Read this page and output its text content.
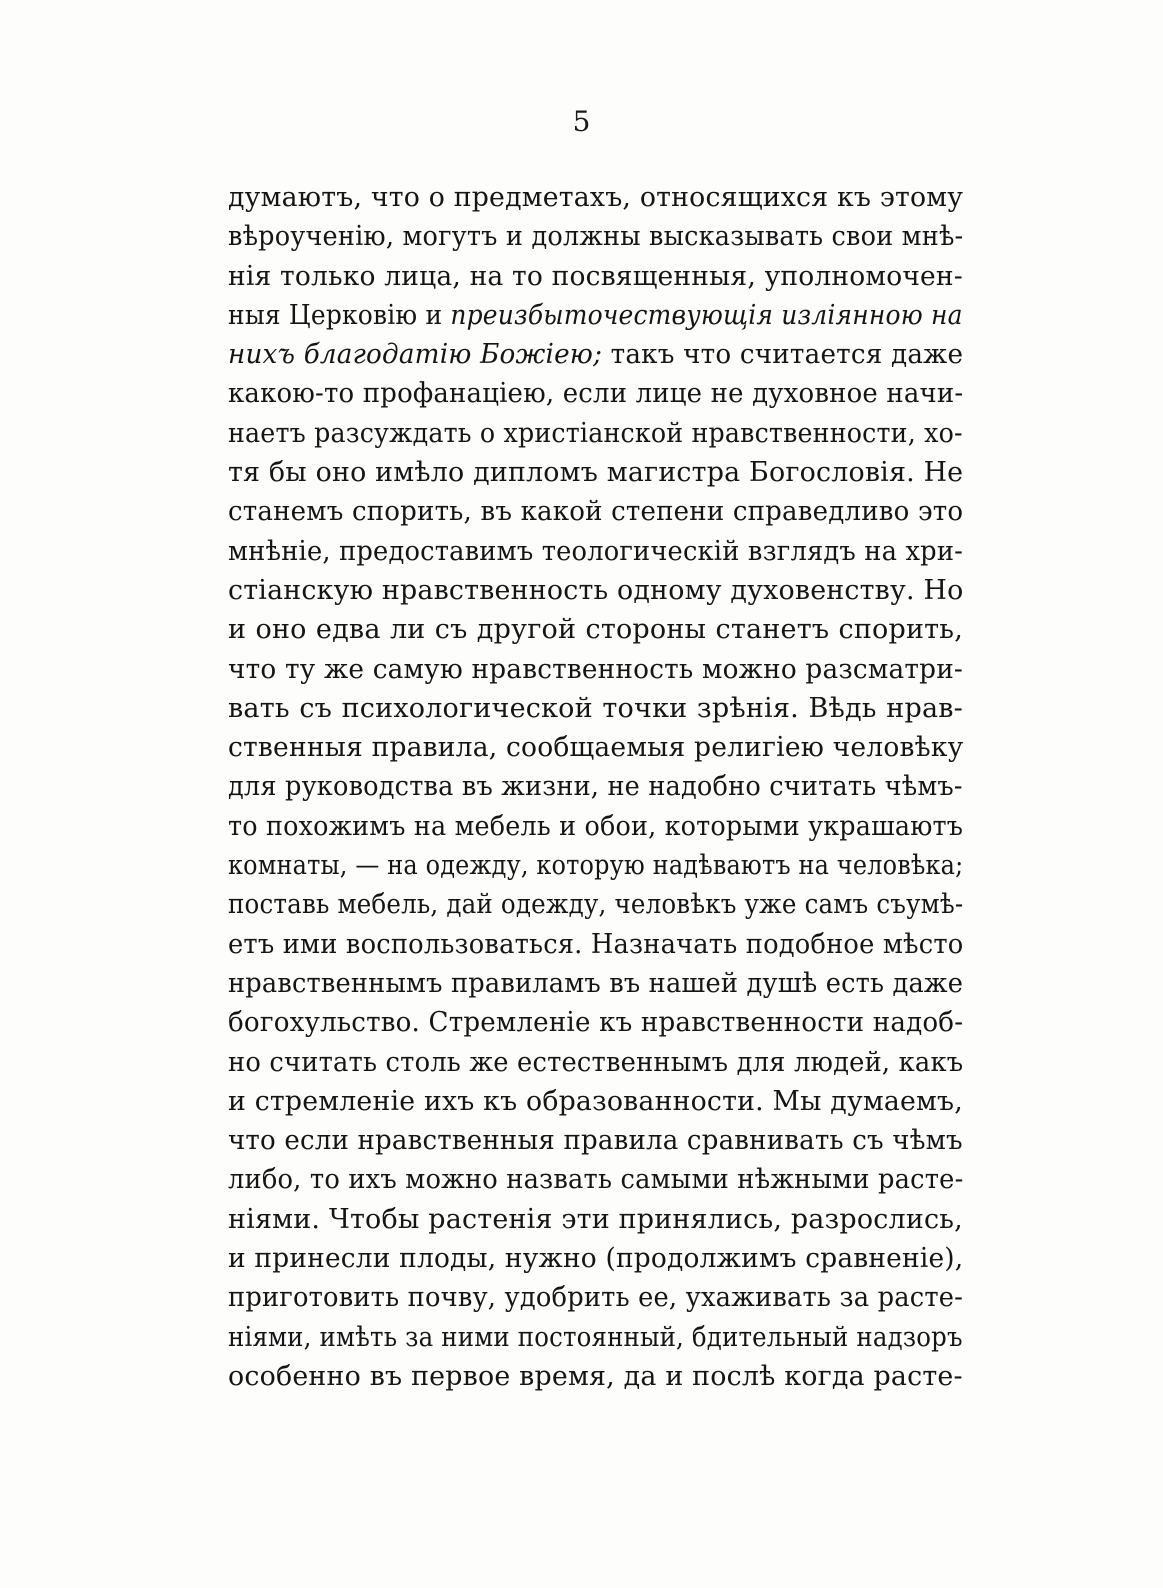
5
думаютъ, что о предметахъ, относящихся къ этому
вѣроученію, могутъ и должны высказывать свои мнѣ-
нія только лица, на то посвященныя, уполномочен-
ныя Церковію и преизбыточествующія изліянною на
нихъ благодатію Божіею; такъ что считается даже
какою-то профанаціею, если лице не духовное начи-
наетъ разсуждать о христіанской нравственности, хо-
тя бы оно имѣло дипломъ магистра Богословія. Не
станемъ спорить, въ какой степени справедливо это
мнѣніе, предоставимъ теологическій взглядъ на хри-
стіанскую нравственность одному духовенству. Но
и оно едва ли съ другой стороны станетъ спорить,
что ту же самую нравственность можно разсматри-
вать съ психологической точки зрѣнія. Вѣдь нрав-
ственныя правила, сообщаемыя религіею человѣку
для руководства въ жизни, не надобно считать чѣмъ-
то похожимъ на мебель и обои, которыми украшаютъ
комнаты, — на одежду, которую надѣваютъ на человѣка;
поставь мебель, дай одежду, человѣкъ уже самъ съумѣ-
етъ ими воспользоваться. Назначать подобное мѣсто
нравственнымъ правиламъ въ нашей душѣ есть даже
богохульство. Стремленіе къ нравственности надоб-
но считать столь же естественнымъ для людей, какъ
и стремленіе ихъ къ образованности. Мы думаемъ,
что если нравственныя правила сравнивать съ чѣмъ
либо, то ихъ можно назвать самыми нѣжными расте-
ніями. Чтобы растенія эти принялись, разрослись,
и принесли плоды, нужно (продолжимъ сравненіе),
приготовить почву, удобрить ее, ухаживать за расте-
ніями, имѣть за ними постоянный, бдительный надзоръ
особенно въ первое время, да и послѣ когда расте-
